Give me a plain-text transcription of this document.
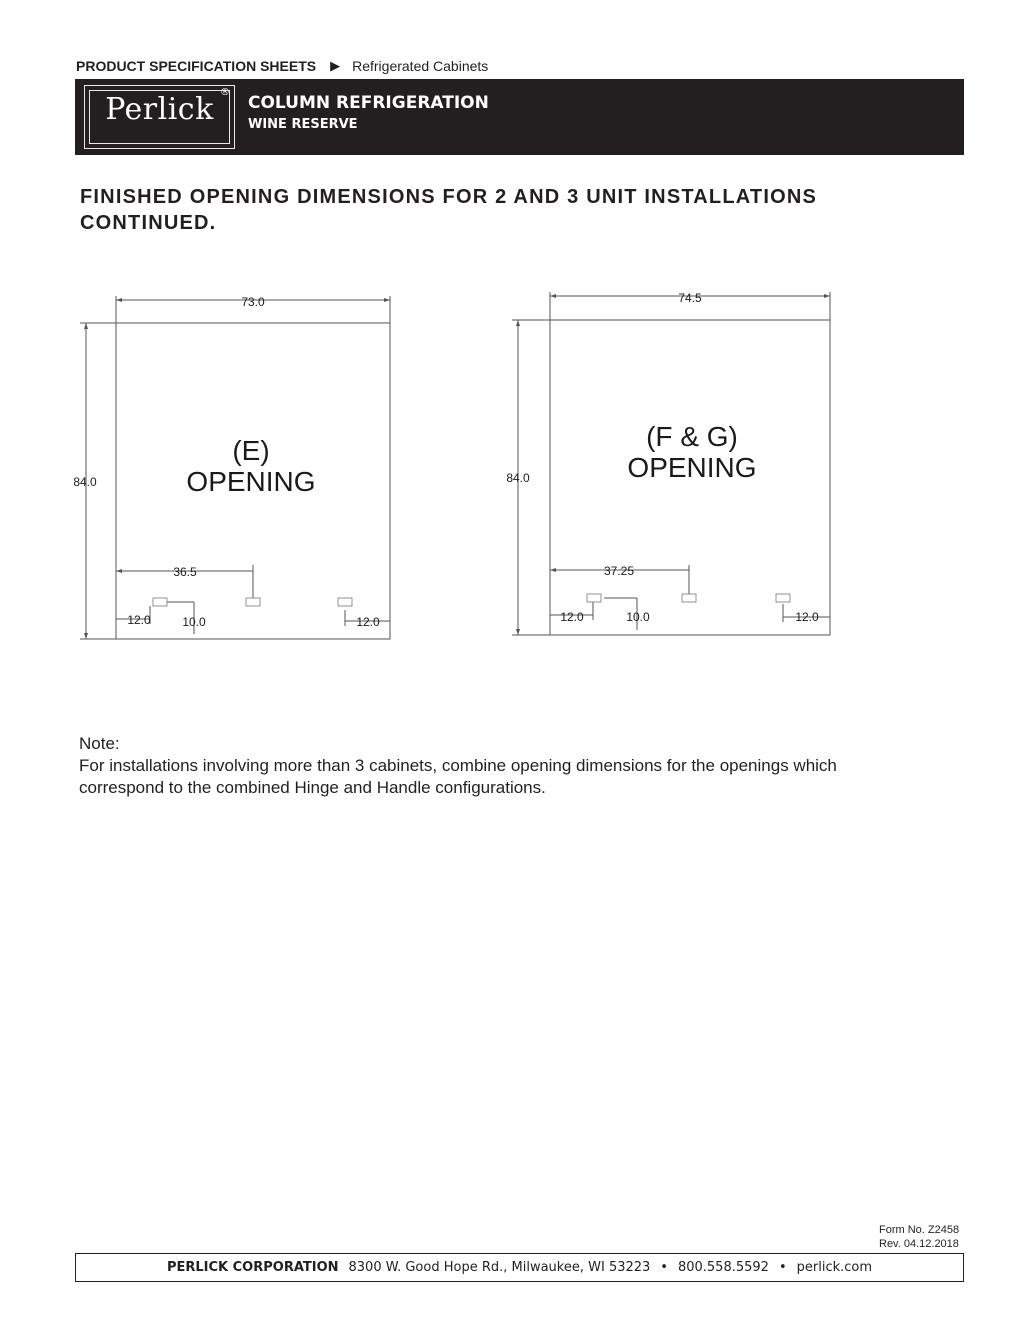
PRODUCT SPECIFICATION SHEETS ▶ Refrigerated Cabinets
Perlick ®
COLUMN REFRIGERATION
WINE RESERVE
FINISHED OPENING DIMENSIONS FOR 2 AND 3 UNIT INSTALLATIONS CONTINUED.
73.0
84.0
36.5
12.0	10.0	12.0
(E)
OPENING
74.5
84.0
37.25
12.0	10.0	12.0
(F & G)
OPENING

Note:

For installations involving more than 3 cabinets, combine opening dimensions for the openings which correspond to the combined Hinge and Handle configurations.

Form No. Z2458
Rev. 04.12.2018
PERLICK CORPORATION 8300 W. Good Hope Rd., Milwaukee, WI 53223 • 800.558.5592 • perlick.com
